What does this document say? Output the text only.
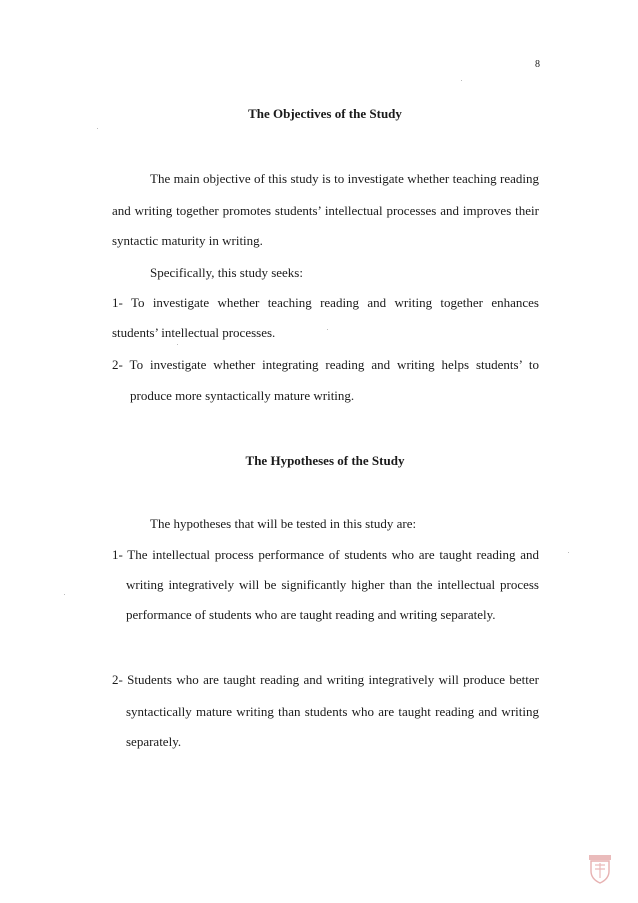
8
The Objectives of the Study
The main objective of this study is to investigate whether teaching reading
and writing together promotes students’ intellectual processes and improves their
syntactic maturity in writing.
Specifically, this study seeks:
1- To investigate whether teaching reading and writing together enhances
students’ intellectual processes.
2- To investigate whether integrating reading and writing helps students’ to
produce more syntactically mature writing.
The Hypotheses of the Study
The hypotheses that will be tested in this study are:
1- The intellectual process performance of students who are taught reading and
writing integratively will be significantly higher than the intellectual process
performance of students who are taught reading and writing separately.
2- Students who are taught reading and writing integratively will produce better
syntactically mature writing than students who are taught reading and writing
separately.
